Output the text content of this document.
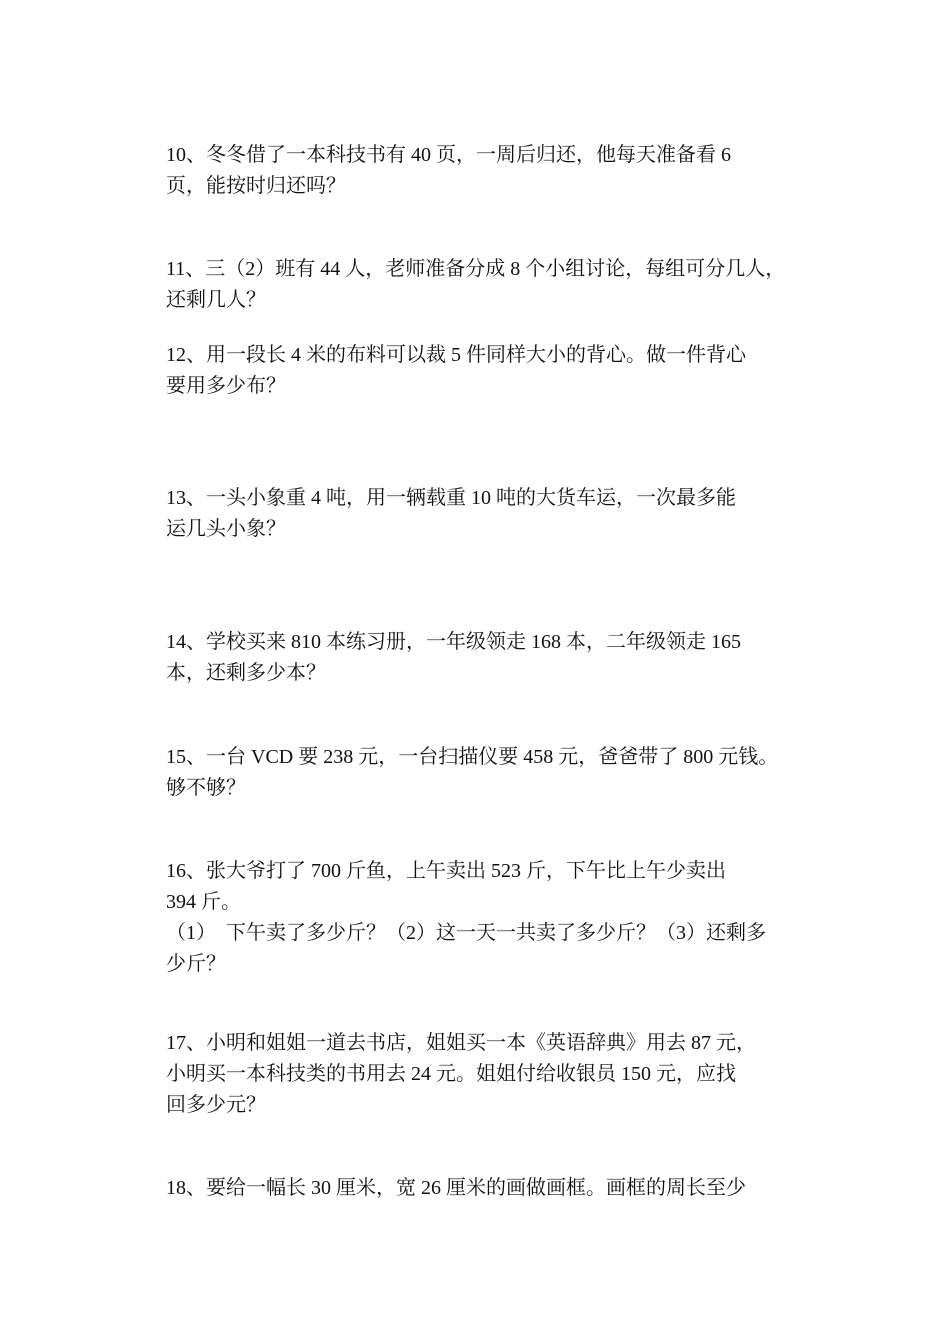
10、冬冬借了一本科技书有 40 页，一周后归还，他每天准备看 6

页，能按时归还吗？

11、三（2）班有 44 人，老师准备分成 8 个小组讨论，每组可分几人，

还剩几人？

12、用一段长 4 米的布料可以裁 5 件同样大小的背心。做一件背心

要用多少布？

13、一头小象重 4 吨，用一辆载重 10 吨的大货车运，一次最多能

运几头小象？

14、学校买来 810 本练习册，一年级领走 168 本，二年级领走 165

本，还剩多少本？

15、一台 VCD 要 238 元，一台扫描仪要 458 元，爸爸带了 800 元钱。

够不够？

16、张大爷打了 700 斤鱼，上午卖出 523 斤，下午比上午少卖出

394 斤。

（1）　下午卖了多少斤？（2）这一天一共卖了多少斤？（3）还剩多

少斤？

17、小明和姐姐一道去书店，姐姐买一本《英语辞典》用去 87 元，

小明买一本科技类的书用去 24 元。姐姐付给收银员 150 元，应找

回多少元？

18、要给一幅长 30 厘米，宽 26 厘米的画做画框。画框的周长至少
